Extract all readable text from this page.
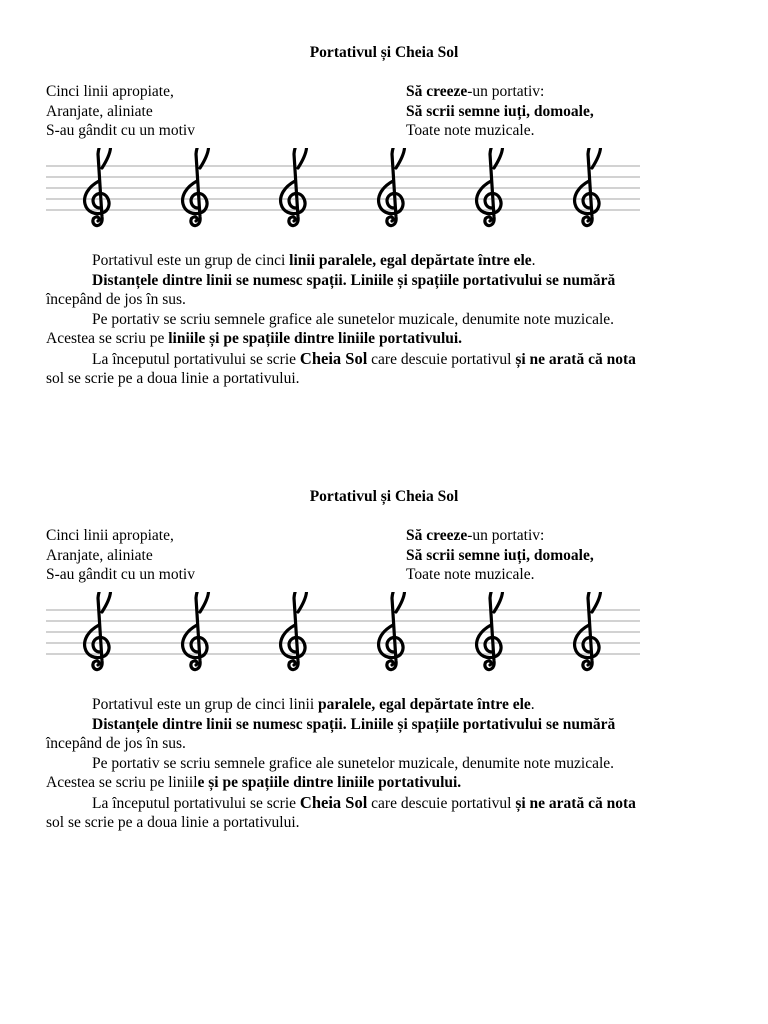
Portativul și Cheia Sol
Cinci linii apropiate,
Aranjate, aliniate
S-au gândit cu un motiv
Să creeze-un portativ:
Să scrii semne iuți, domoale,
Toate note muzicale.
Portativul este un grup de cinci linii paralele, egal depărtate între ele.
Distanțele dintre linii se numesc spații. Liniile și spațiile portativului se numără
începând de jos în sus.
Pe portativ se scriu semnele grafice ale sunetelor muzicale, denumite note muzicale.
Acestea se scriu pe liniile și pe spațiile dintre liniile portativului.
La începutul portativului se scrie Cheia Sol care descuie portativul și ne arată că nota
sol se scrie pe a doua linie a portativului.
Portativul și Cheia Sol
Cinci linii apropiate,
Aranjate, aliniate
S-au gândit cu un motiv
Să creeze-un portativ:
Să scrii semne iuți, domoale,
Toate note muzicale.
Portativul este un grup de cinci linii paralele, egal depărtate între ele.
Distanțele dintre linii se numesc spații. Liniile și spațiile portativului se numără
începând de jos în sus.
Pe portativ se scriu semnele grafice ale sunetelor muzicale, denumite note muzicale.
Acestea se scriu pe liniile și pe spațiile dintre liniile portativului.
La începutul portativului se scrie Cheia Sol care descuie portativul și ne arată că nota
sol se scrie pe a doua linie a portativului.
